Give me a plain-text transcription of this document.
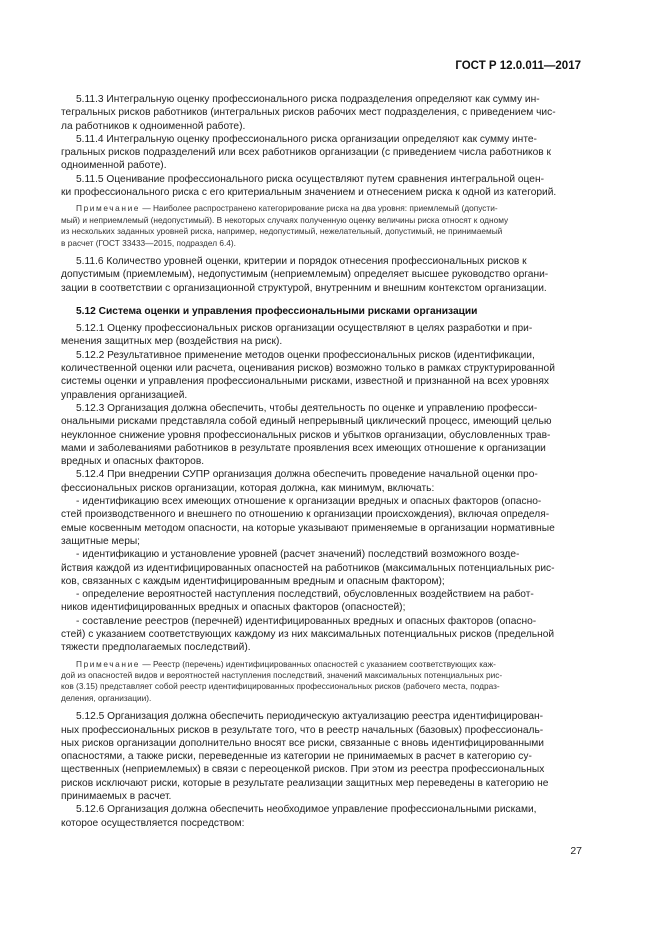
ГОСТ Р 12.0.011—2017

5.11.3 Интегральную оценку профессионального риска подразделения определяют как сумму ин-
тегральных рисков работников (интегральных рисков рабочих мест подразделения, с приведением чис-
ла работников к одноименной работе).

5.11.4 Интегральную оценку профессионального риска организации определяют как сумму инте-
гральных рисков подразделений или всех работников организации (с приведением числа работников к
одноименной работе).

5.11.5 Оценивание профессионального риска осуществляют путем сравнения интегральной оцен-
ки профессионального риска с его критериальным значением и отнесением риска к одной из категорий.

Примечание — Наиболее распространено категорирование риска на два уровня: приемлемый (допусти-
мый) и неприемлемый (недопустимый). В некоторых случаях полученную оценку величины риска относят к одному
из нескольких заданных уровней риска, например, недопустимый, нежелательный, допустимый, не принимаемый
в расчет (ГОСТ 33433—2015, подраздел 6.4).

5.11.6 Количество уровней оценки, критерии и порядок отнесения профессиональных рисков к
допустимым (приемлемым), недопустимым (неприемлемым) определяет высшее руководство органи-
зации в соответствии с организационной структурой, внутренним и внешним контекстом организации.

5.12 Система оценки и управления профессиональными рисками организации

5.12.1 Оценку профессиональных рисков организации осуществляют в целях разработки и при-
менения защитных мер (воздействия на риск).

5.12.2 Результативное применение методов оценки профессиональных рисков (идентификации,
количественной оценки или расчета, оценивания рисков) возможно только в рамках структурированной
системы оценки и управления профессиональными рисками, известной и признанной на всех уровнях
управления организацией.

5.12.3 Организация должна обеспечить, чтобы деятельность по оценке и управлению професси-
ональными рисками представляла собой единый непрерывный циклический процесс, имеющий целью
неуклонное снижение уровня профессиональных рисков и убытков организации, обусловленных трав-
мами и заболеваниями работников в результате проявления всех имеющих отношение к организации
вредных и опасных факторов.

5.12.4 При внедрении СУПР организация должна обеспечить проведение начальной оценки про-
фессиональных рисков организации, которая должна, как минимум, включать:

- идентификацию всех имеющих отношение к организации вредных и опасных факторов (опасно-
стей производственного и внешнего по отношению к организации происхождения), включая определя-
емые косвенным методом опасности, на которые указывают применяемые в организации нормативные
защитные меры;

- идентификацию и установление уровней (расчет значений) последствий возможного возде-
йствия каждой из идентифицированных опасностей на работников (максимальных потенциальных рис-
ков, связанных с каждым идентифицированным вредным и опасным фактором);

- определение вероятностей наступления последствий, обусловленных воздействием на работ-
ников идентифицированных вредных и опасных факторов (опасностей);

- составление реестров (перечней) идентифицированных вредных и опасных факторов (опасно-
стей) с указанием соответствующих каждому из них максимальных потенциальных рисков (предельной
тяжести предполагаемых последствий).

Примечание — Реестр (перечень) идентифицированных опасностей с указанием соответствующих каж-
дой из опасностей видов и вероятностей наступления последствий, значений максимальных потенциальных рис-
ков (3.15) представляет собой реестр идентифицированных профессиональных рисков (рабочего места, подраз-
деления, организации).

5.12.5 Организация должна обеспечить периодическую актуализацию реестра идентифицирован-
ных профессиональных рисков в результате того, что в реестр начальных (базовых) профессиональ-
ных рисков организации дополнительно вносят все риски, связанные с вновь идентифицированными
опасностями, а также риски, переведенные из категории не принимаемых в расчет в категорию су-
щественных (неприемлемых) в связи с переоценкой рисков. При этом из реестра профессиональных
рисков исключают риски, которые в результате реализации защитных мер переведены в категорию не
принимаемых в расчет.

5.12.6 Организация должна обеспечить необходимое управление профессиональными рисками,
которое осуществляется посредством:

27
